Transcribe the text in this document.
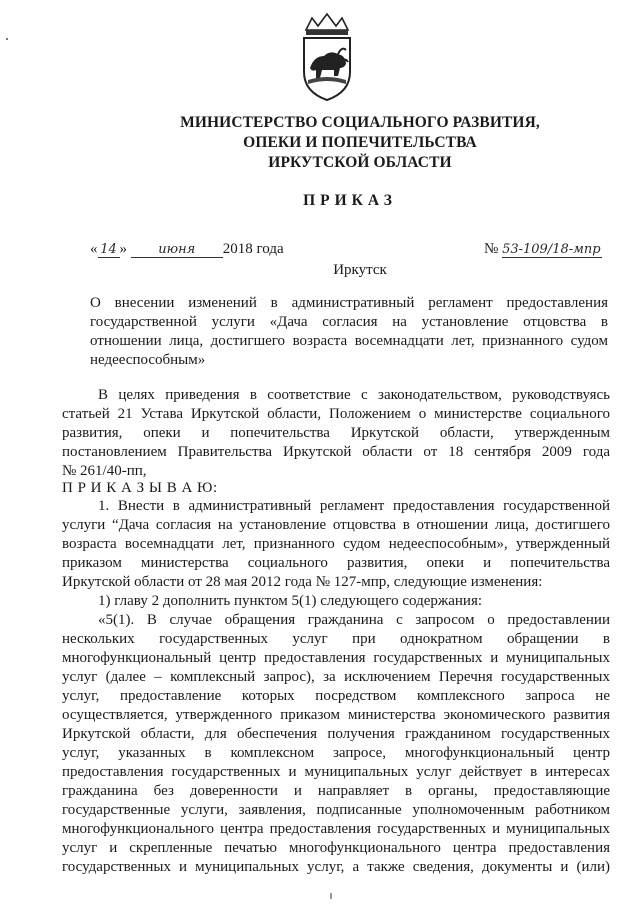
МИНИСТЕРСТВО СОЦИАЛЬНОГО РАЗВИТИЯ,
ОПЕКИ И ПОПЕЧИТЕЛЬСТВА
ИРКУТСКОЙ ОБЛАСТИ
ПРИКАЗ
« 14 » июня 2018 года	№ 53-109/18-мпр
Иркутск
О внесении изменений в административный регламент предоставления
государственной услуги «Дача согласия на установление отцовства в
отношении лица, достигшего возраста восемнадцати лет, признанного судом
недееспособным»
В целях приведения в соответствие с законодательством, руководствуясь
статьей 21 Устава Иркутской области, Положением о министерстве социального
развития, опеки и попечительства Иркутской области, утвержденным
постановлением Правительства Иркутской области от 18 сентября 2009 года
№ 261/40-пп,
П Р И К А З Ы В А Ю:
1. Внести в административный регламент предоставления государственной
услуги “Дача согласия на установление отцовства в отношении лица, достигшего
возраста восемнадцати лет, признанного судом недееспособным», утвержденный
приказом министерства социального развития, опеки и попечительства
Иркутской области от 28 мая 2012 года № 127-мпр, следующие изменения:
1) главу 2 дополнить пунктом 5(1) следующего содержания:
«5(1). В случае обращения гражданина с запросом о предоставлении
нескольких государственных услуг при однократном обращении в
многофункциональный центр предоставления государственных и муниципальных
услуг (далее – комплексный запрос), за исключением Перечня государственных
услуг, предоставление которых посредством комплексного запроса не
осуществляется, утвержденного приказом министерства экономического развития
Иркутской области, для обеспечения получения гражданином государственных
услуг, указанных в комплексном запросе, многофункциональный центр
предоставления государственных и муниципальных услуг действует в интересах
гражданина без доверенности и направляет в органы, предоставляющие
государственные услуги, заявления, подписанные уполномоченным работником
многофункционального центра предоставления государственных и муниципальных
услуг и скрепленные печатью многофункционального центра предоставления
государственных и муниципальных услуг, а также сведения, документы и (или)
